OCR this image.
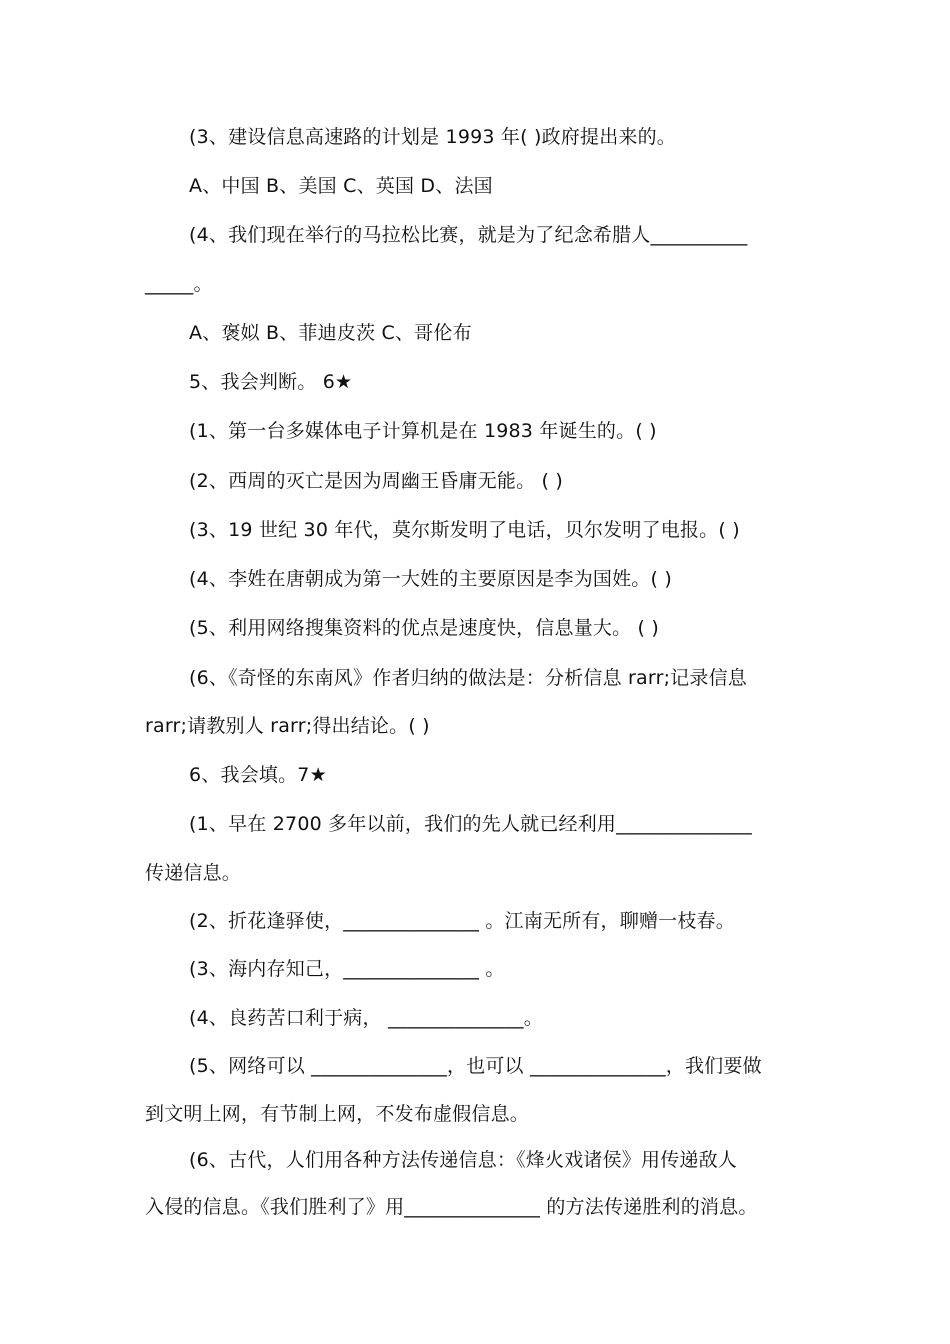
(3、建设信息高速路的计划是 1993 年( )政府提出来的。
A、中国 B、美国 C、英国 D、法国
(4、我们现在举行的马拉松比赛，就是为了纪念希腊人__________
_____。
A、褒姒 B、菲迪皮茨 C、哥伦布
5、我会判断。 6★
(1、第一台多媒体电子计算机是在 1983 年诞生的。( )
(2、西周的灭亡是因为周幽王昏庸无能。 ( )
(3、19 世纪 30 年代，莫尔斯发明了电话，贝尔发明了电报。( )
(4、李姓在唐朝成为第一大姓的主要原因是李为国姓。( )
(5、利用网络搜集资料的优点是速度快，信息量大。 ( )
(6、《奇怪的东南风》作者归纳的做法是：分析信息 rarr;记录信息
rarr;请教别人 rarr;得出结论。( )
6、我会填。7★
(1、早在 2700 多年以前，我们的先人就已经利用______________
传递信息。
(2、折花逢驿使，______________ 。江南无所有，聊赠一枝春。
(3、海内存知己，______________ 。
(4、良药苦口利于病， ______________。
(5、网络可以 ______________，也可以 ______________，我们要做
到文明上网，有节制上网，不发布虚假信息。
(6、古代，人们用各种方法传递信息：《烽火戏诸侯》用传递敌人
入侵的信息。《我们胜利了》用______________ 的方法传递胜利的消息。
